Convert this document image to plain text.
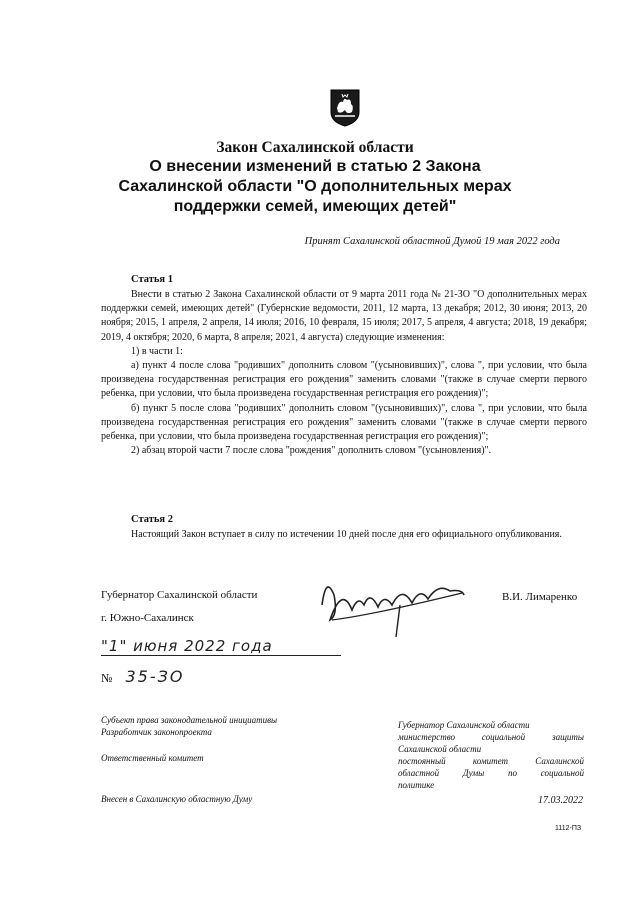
Закон Сахалинской области
О внесении изменений в статью 2 Закона
Сахалинской области "О дополнительных мерах
поддержки семей, имеющих детей"
Принят Сахалинской областной Думой 19 мая 2022 года
Статья 1

Внести в статью 2 Закона Сахалинской области от 9 марта 2011 года № 21-ЗО "О дополнительных мерах поддержки семей, имеющих детей" (Губернские ведомости, 2011, 12 марта, 13 декабря; 2012, 30 июня; 2013, 20 ноября; 2015, 1 апреля, 2 апреля, 14 июля; 2016, 10 февраля, 15 июля; 2017, 5 апреля, 4 августа; 2018, 19 декабря; 2019, 4 октября; 2020, 6 марта, 8 апреля; 2021, 4 августа) следующие изменения:

1) в части 1:

а) пункт 4 после слова "родивших" дополнить словом "(усыновивших)", слова ", при условии, что была произведена государственная регистрация его рождения" заменить словами "(также в случае смерти первого ребенка, при условии, что была произведена государственная регистрация его рождения)";

б) пункт 5 после слова "родивших" дополнить словом "(усыновивших)", слова ", при условии, что была произведена государственная регистрация его рождения" заменить словами "(также в случае смерти первого ребенка, при условии, что была произведена государственная регистрация его рождения)";

2) абзац второй части 7 после слова "рождения" дополнить словом "(усыновления)".

Статья 2

Настоящий Закон вступает в силу по истечении 10 дней после дня его официального опубликования.

Губернатор Сахалинской области	В.И. Лимаренко
г. Южно-Сахалинск
"1" июня 2022 года
№ 35-ЗО
Субъект права законодательной инициативы
Разработчик законопроекта
Ответственный комитет
Внесен в Сахалинскую областную Думу
Губернатор Сахалинской области
министерство социальной защиты
Сахалинской области
постоянный комитет Сахалинской
областной Думы по социальной
политике
17.03.2022
1112-ПЗ
